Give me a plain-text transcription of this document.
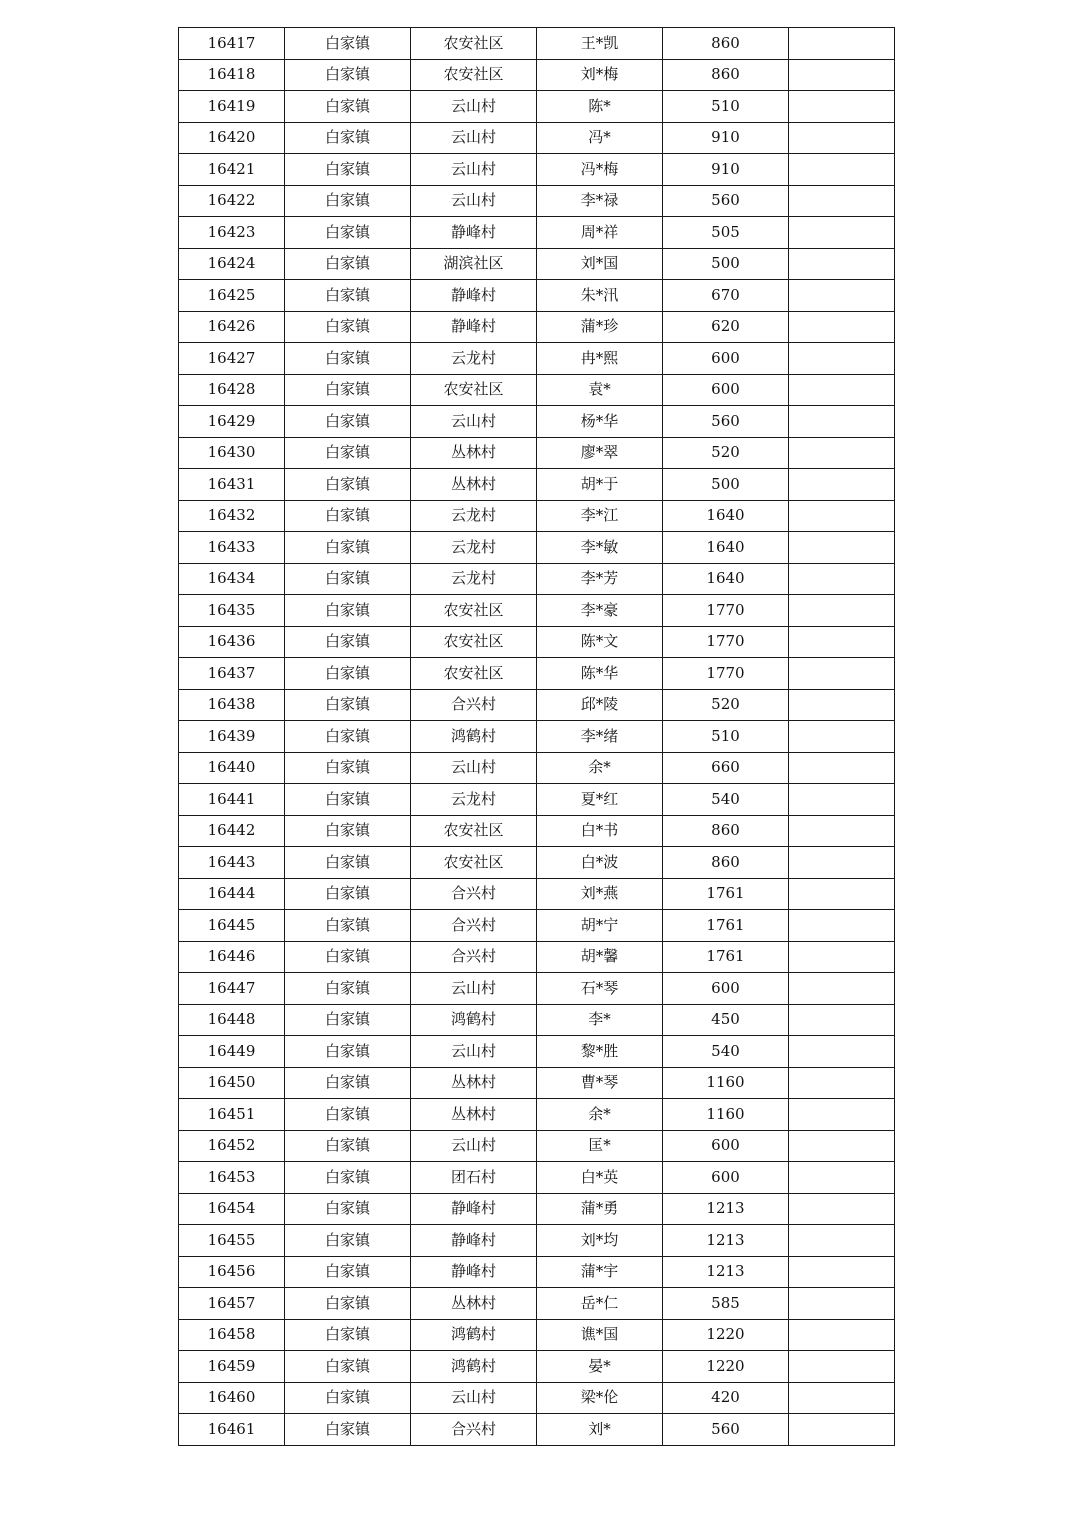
16417	白家镇	农安社区	王*凯	860	
16418	白家镇	农安社区	刘*梅	860	
16419	白家镇	云山村	陈*	510	
16420	白家镇	云山村	冯*	910	
16421	白家镇	云山村	冯*梅	910	
16422	白家镇	云山村	李*禄	560	
16423	白家镇	静峰村	周*祥	505	
16424	白家镇	湖滨社区	刘*国	500	
16425	白家镇	静峰村	朱*汛	670	
16426	白家镇	静峰村	蒲*珍	620	
16427	白家镇	云龙村	冉*熙	600	
16428	白家镇	农安社区	袁*	600	
16429	白家镇	云山村	杨*华	560	
16430	白家镇	丛林村	廖*翠	520	
16431	白家镇	丛林村	胡*于	500	
16432	白家镇	云龙村	李*江	1640	
16433	白家镇	云龙村	李*敏	1640	
16434	白家镇	云龙村	李*芳	1640	
16435	白家镇	农安社区	李*豪	1770	
16436	白家镇	农安社区	陈*文	1770	
16437	白家镇	农安社区	陈*华	1770	
16438	白家镇	合兴村	邱*陵	520	
16439	白家镇	鸿鹤村	李*绪	510	
16440	白家镇	云山村	余*	660	
16441	白家镇	云龙村	夏*红	540	
16442	白家镇	农安社区	白*书	860	
16443	白家镇	农安社区	白*波	860	
16444	白家镇	合兴村	刘*燕	1761	
16445	白家镇	合兴村	胡*宁	1761	
16446	白家镇	合兴村	胡*馨	1761	
16447	白家镇	云山村	石*琴	600	
16448	白家镇	鸿鹤村	李*	450	
16449	白家镇	云山村	黎*胜	540	
16450	白家镇	丛林村	曹*琴	1160	
16451	白家镇	丛林村	余*	1160	
16452	白家镇	云山村	匡*	600	
16453	白家镇	团石村	白*英	600	
16454	白家镇	静峰村	蒲*勇	1213	
16455	白家镇	静峰村	刘*均	1213	
16456	白家镇	静峰村	蒲*宇	1213	
16457	白家镇	丛林村	岳*仁	585	
16458	白家镇	鸿鹤村	谯*国	1220	
16459	白家镇	鸿鹤村	晏*	1220	
16460	白家镇	云山村	梁*伦	420	
16461	白家镇	合兴村	刘*	560	
